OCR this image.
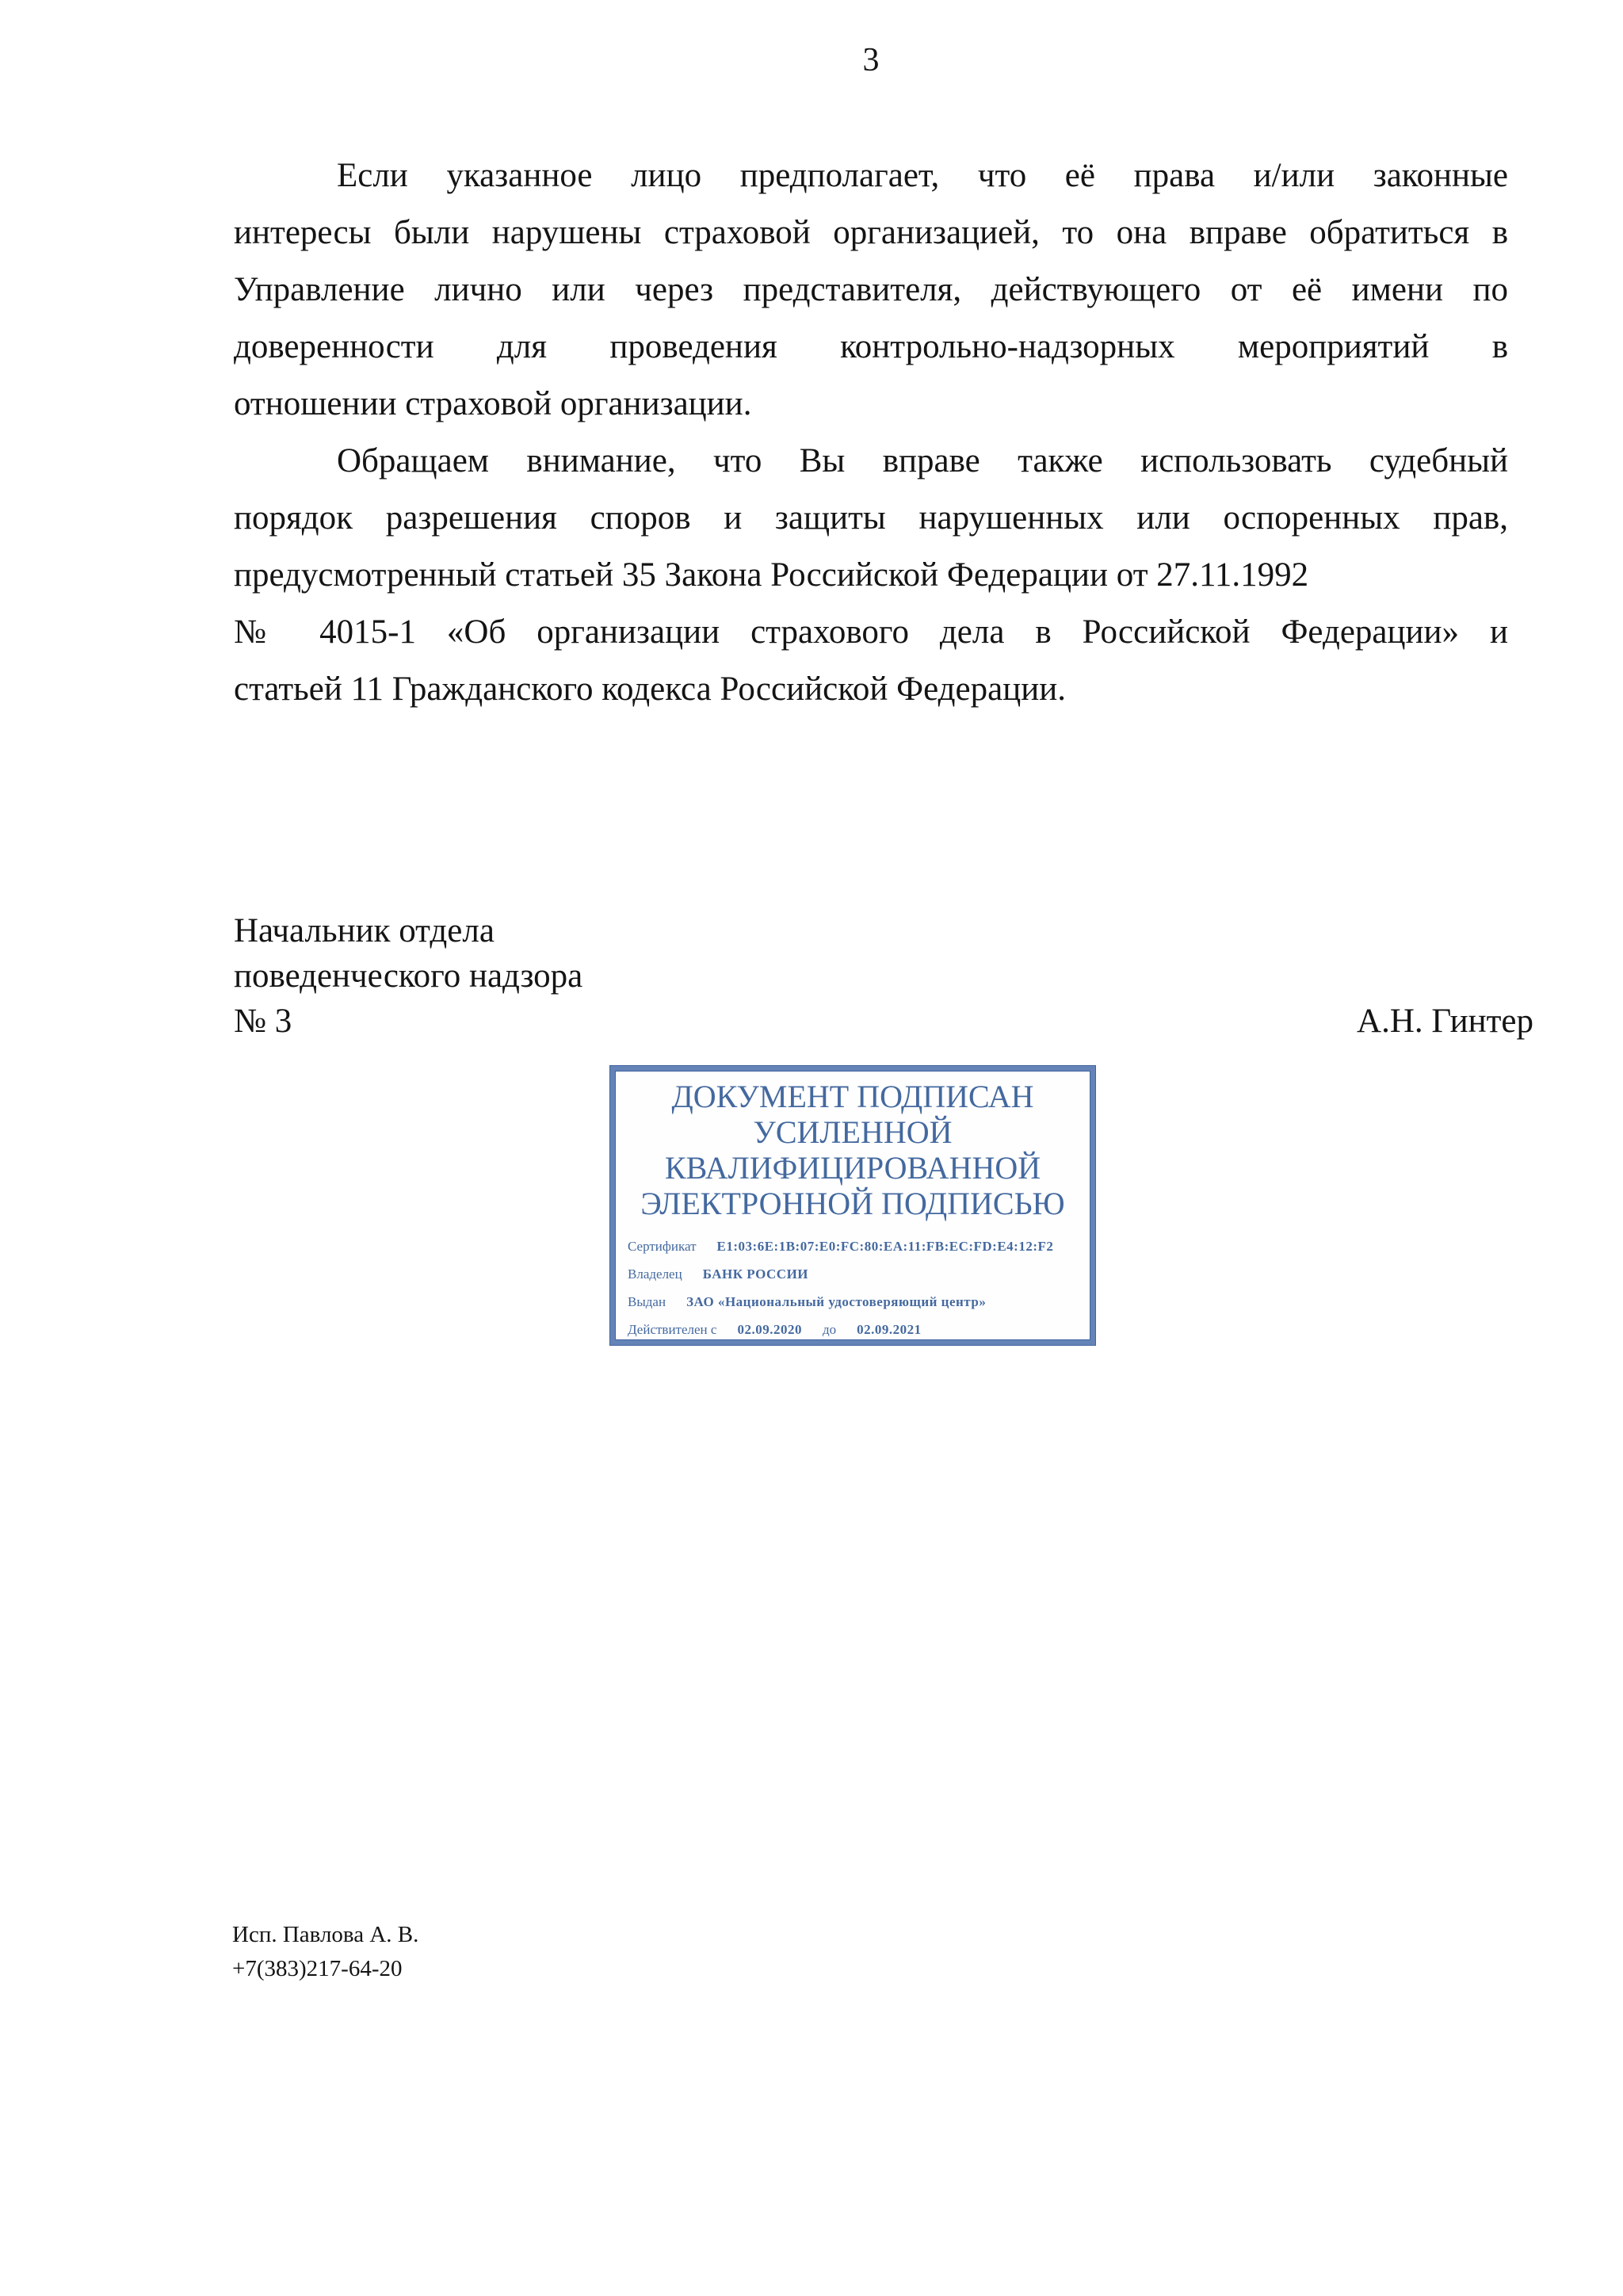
3
Если указанное лицо предполагает, что её права и/или законные
интересы были нарушены страховой организацией, то она вправе обратиться в
Управление лично или через представителя, действующего от её имени по
доверенности для проведения контрольно-надзорных мероприятий в
отношении страховой организации.
Обращаем внимание, что Вы вправе также использовать судебный
порядок разрешения споров и защиты нарушенных или оспоренных прав,
предусмотренный статьей 35 Закона Российской Федерации от 27.11.1992
№ 4015-1 «Об организации страхового дела в Российской Федерации» и
статьей 11 Гражданского кодекса Российской Федерации.
Начальник отдела
поведенческого надзора
№ 3	А.Н. Гинтер
ДОКУМЕНТ ПОДПИСАН
УСИЛЕННОЙ
КВАЛИФИЦИРОВАННОЙ
ЭЛЕКТРОННОЙ ПОДПИСЬЮ
Сертификат E1:03:6E:1B:07:E0:FC:80:EA:11:FB:EC:FD:E4:12:F2
Владелец БАНК РОССИИ
Выдан ЗАО «Национальный удостоверяющий центр»
Действителен с 02.09.2020 до 02.09.2021
Исп. Павлова А. В.
+7(383)217-64-20
